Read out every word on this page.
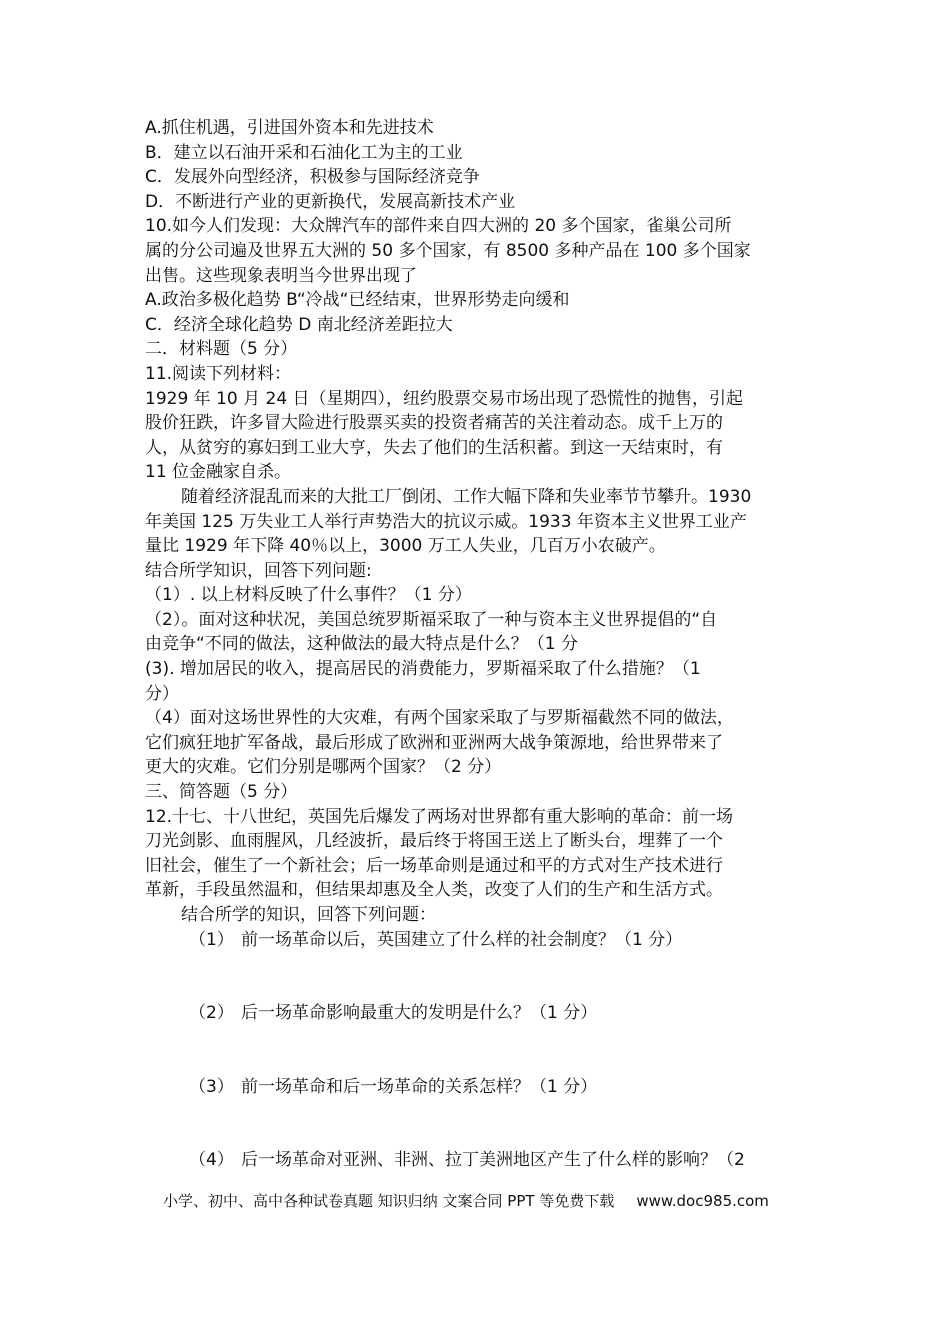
A.抓住机遇，引进国外资本和先进技术
B．建立以石油开采和石油化工为主的工业
C．发展外向型经济，积极参与国际经济竞争
D．不断进行产业的更新换代，发展高新技术产业
10.如今人们发现：大众牌汽车的部件来自四大洲的 20 多个国家，雀巢公司所
属的分公司遍及世界五大洲的 50 多个国家，有 8500 多种产品在 100 多个国家
出售。这些现象表明当今世界出现了
A.政治多极化趋势 B“冷战“已经结束，世界形势走向缓和
C．经济全球化趋势 D 南北经济差距拉大
二．材料题（5 分）
11.阅读下列材料：
1929 年 10 月 24 日（星期四），纽约股票交易市场出现了恐慌性的抛售，引起
股价狂跌，许多冒大险进行股票买卖的投资者痛苦的关注着动态。成千上万的
人，从贫穷的寡妇到工业大亨，失去了他们的生活积蓄。到这一天结束时，有
11 位金融家自杀。
随着经济混乱而来的大批工厂倒闭、工作大幅下降和失业率节节攀升。1930
年美国 125 万失业工人举行声势浩大的抗议示威。1933 年资本主义世界工业产
量比 1929 年下降 40％以上，3000 万工人失业，几百万小农破产。
结合所学知识，回答下列问题:
（1）. 以上材料反映了什么事件？（1 分）
（2）。面对这种状况，美国总统罗斯福采取了一种与资本主义世界提倡的“自
由竞争“不同的做法，这种做法的最大特点是什么？（1 分
(3). 增加居民的收入，提高居民的消费能力，罗斯福采取了什么措施？（1
分）
（4）面对这场世界性的大灾难，有两个国家采取了与罗斯福截然不同的做法，
它们疯狂地扩军备战，最后形成了欧洲和亚洲两大战争策源地，给世界带来了
更大的灾难。它们分别是哪两个国家？（2 分）
三、简答题（5 分）
12.十七、十八世纪，英国先后爆发了两场对世界都有重大影响的革命：前一场
刀光剑影、血雨腥风，几经波折，最后终于将国王送上了断头台，埋葬了一个
旧社会，催生了一个新社会；后一场革命则是通过和平的方式对生产技术进行
革新，手段虽然温和，但结果却惠及全人类，改变了人们的生产和生活方式。
结合所学的知识，回答下列问题：
（1） 前一场革命以后，英国建立了什么样的社会制度？（1 分）
（2） 后一场革命影响最重大的发明是什么？（1 分）
（3） 前一场革命和后一场革命的关系怎样？（1 分）
（4） 后一场革命对亚洲、非洲、拉丁美洲地区产生了什么样的影响？（2
小学、初中、高中各种试卷真题 知识归纳 文案合同 PPT 等免费下载 www.doc985.com
